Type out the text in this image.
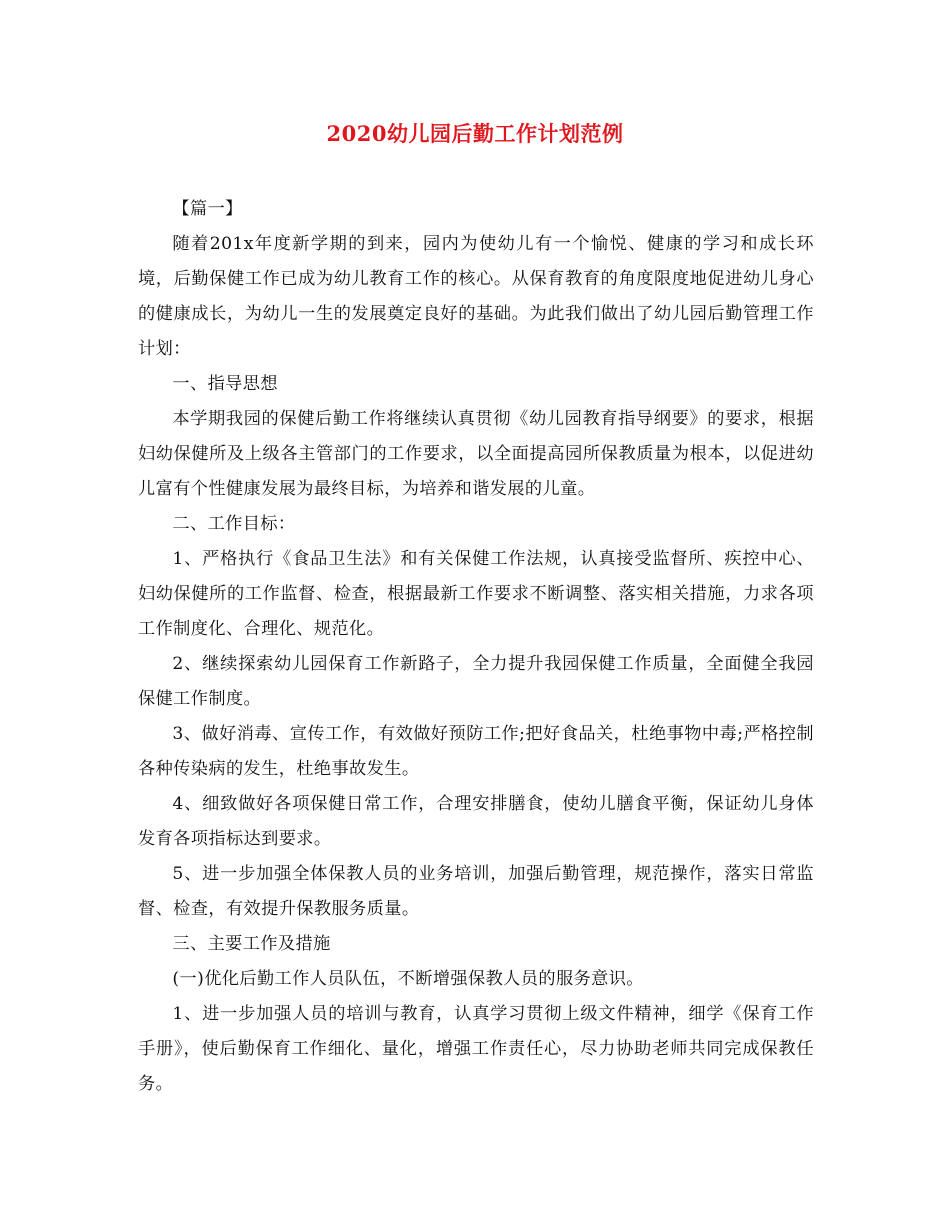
2020幼儿园后勤工作计划范例

【篇一】

随着201x年度新学期的到来，园内为使幼儿有一个愉悦、健康的学习和成长环境，后勤保健工作已成为幼儿教育工作的核心。从保育教育的角度限度地促进幼儿身心的健康成长，为幼儿一生的发展奠定良好的基础。为此我们做出了幼儿园后勤管理工作计划：

一、指导思想

本学期我园的保健后勤工作将继续认真贯彻《幼儿园教育指导纲要》的要求，根据妇幼保健所及上级各主管部门的工作要求，以全面提高园所保教质量为根本，以促进幼儿富有个性健康发展为最终目标，为培养和谐发展的儿童。

二、工作目标：

1、严格执行《食品卫生法》和有关保健工作法规，认真接受监督所、疾控中心、妇幼保健所的工作监督、检查，根据最新工作要求不断调整、落实相关措施，力求各项工作制度化、合理化、规范化。

2、继续探索幼儿园保育工作新路子，全力提升我园保健工作质量，全面健全我园保健工作制度。

3、做好消毒、宣传工作，有效做好预防工作;把好食品关，杜绝事物中毒;严格控制各种传染病的发生，杜绝事故发生。

4、细致做好各项保健日常工作，合理安排膳食，使幼儿膳食平衡，保证幼儿身体发育各项指标达到要求。

5、进一步加强全体保教人员的业务培训，加强后勤管理，规范操作，落实日常监督、检查，有效提升保教服务质量。

三、主要工作及措施

(一)优化后勤工作人员队伍，不断增强保教人员的服务意识。

1、进一步加强人员的培训与教育，认真学习贯彻上级文件精神，细学《保育工作手册》，使后勤保育工作细化、量化，增强工作责任心，尽力协助老师共同完成保教任务。
